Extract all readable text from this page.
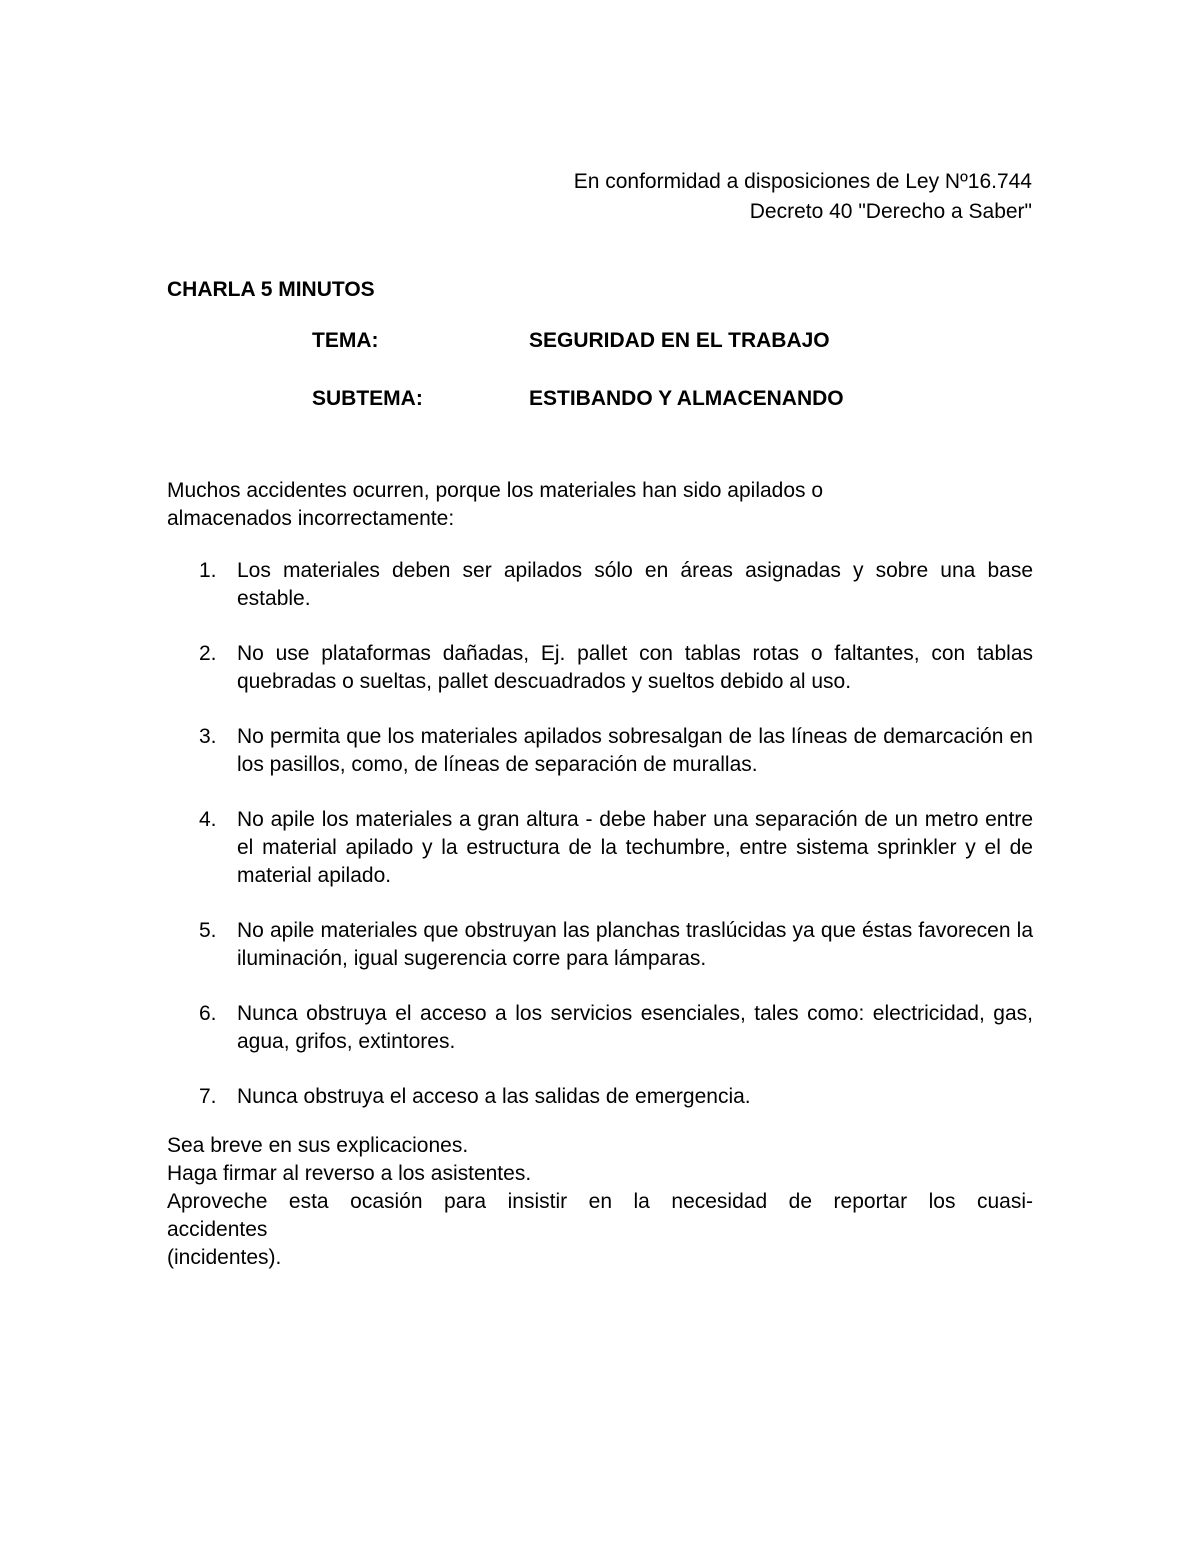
En conformidad a disposiciones de Ley Nº16.744
Decreto 40 "Derecho a Saber"
CHARLA 5 MINUTOS
TEMA:	SEGURIDAD EN EL TRABAJO
SUBTEMA:	ESTIBANDO Y ALMACENANDO
Muchos accidentes ocurren, porque los materiales han sido apilados o almacenados incorrectamente:
1. Los materiales deben ser apilados sólo en áreas asignadas y sobre una base estable.
2. No use plataformas dañadas, Ej. pallet con tablas rotas o faltantes, con tablas quebradas o sueltas, pallet descuadrados y sueltos debido al uso.
3. No permita que los materiales apilados sobresalgan de las líneas de demarcación en los pasillos, como, de líneas de separación de murallas.
4. No apile los materiales a gran altura - debe haber una separación de un metro entre el material apilado y la estructura de la techumbre, entre sistema sprinkler y el de material apilado.
5. No apile materiales que obstruyan las planchas traslúcidas ya que éstas favorecen la iluminación, igual sugerencia corre para lámparas.
6. Nunca obstruya el acceso a los servicios esenciales, tales como: electricidad, gas, agua, grifos, extintores.
7. Nunca obstruya el acceso a las salidas de emergencia.

Sea breve en sus explicaciones.

Haga firmar al reverso a los asistentes.

Aproveche esta ocasión para insistir en la necesidad de reportar los cuasi-

accidentes

(incidentes).
